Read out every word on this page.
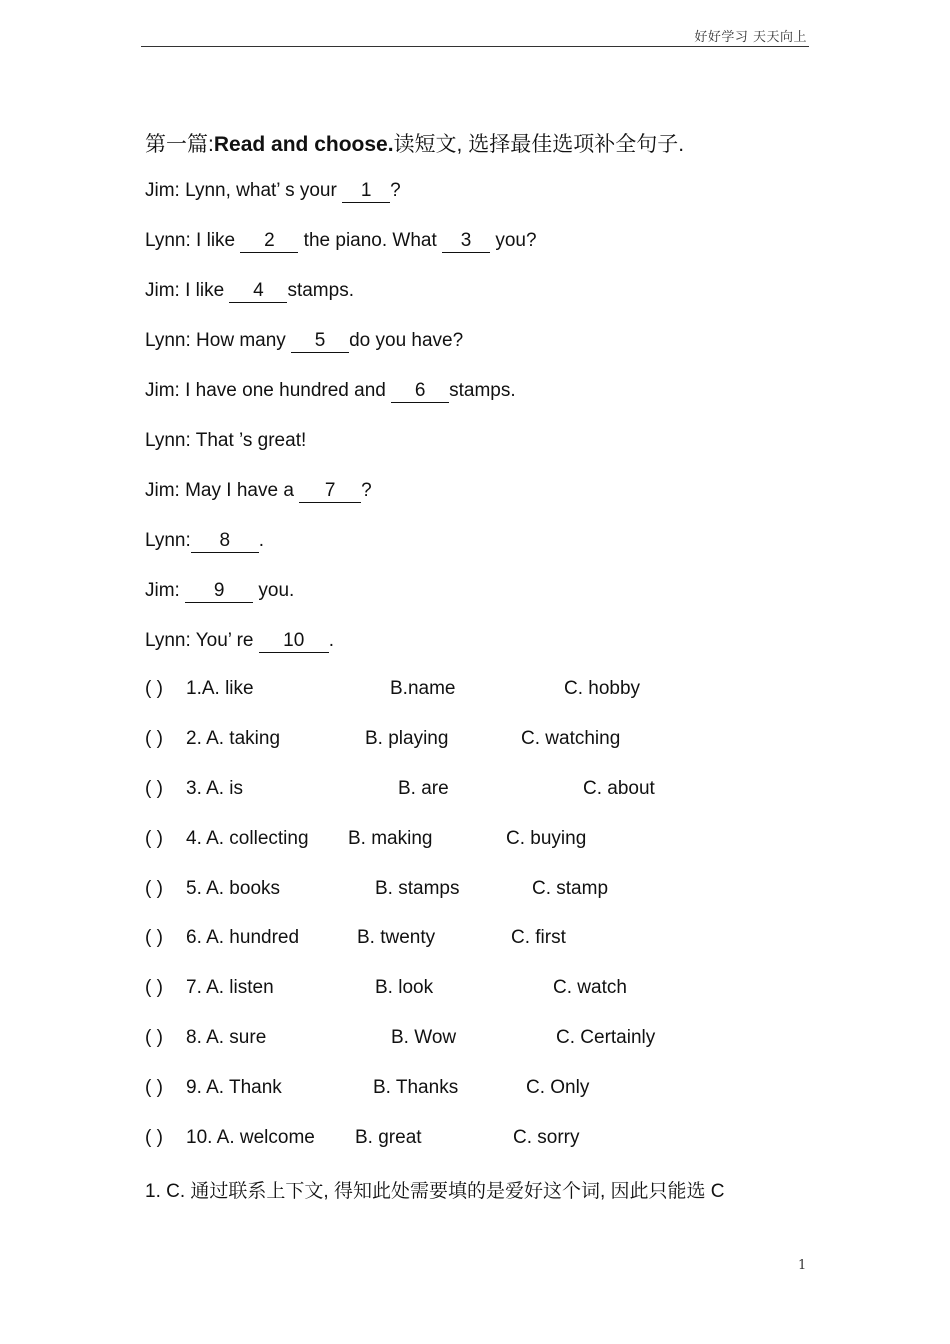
好好学习 天天向上
第一篇:Read and choose.读短文, 选择最佳选项补全句子.
Jim: Lynn, what’ s your 1 ?
Lynn: I like 2 the piano. What 3 you?
Jim: I like 4 stamps.
Lynn: How many 5 do you have?
Jim: I have one hundred and 6 stamps.
Lynn: That ’s great!
Jim: May I have a 7 ?
Lynn: 8 .
Jim: 9 you.
Lynn: You’ re 10 .
( ) 1.A. like	B.name	C. hobby
( ) 2. A. taking	B. playing	C. watching
( ) 3. A. is	B. are	C. about
( ) 4. A. collecting B. making	C. buying
( ) 5. A. books	B. stamps	C. stamp
( ) 6. A. hundred	B. twenty	C. first
( ) 7. A. listen	B. look	C. watch
( ) 8. A. sure	B. Wow	C. Certainly
( ) 9. A. Thank	B. Thanks	C. Only
( ) 10. A. welcome B. great	C. sorry
1. C. 通过联系上下文, 得知此处需要填的是爱好这个词, 因此只能选 C
1
